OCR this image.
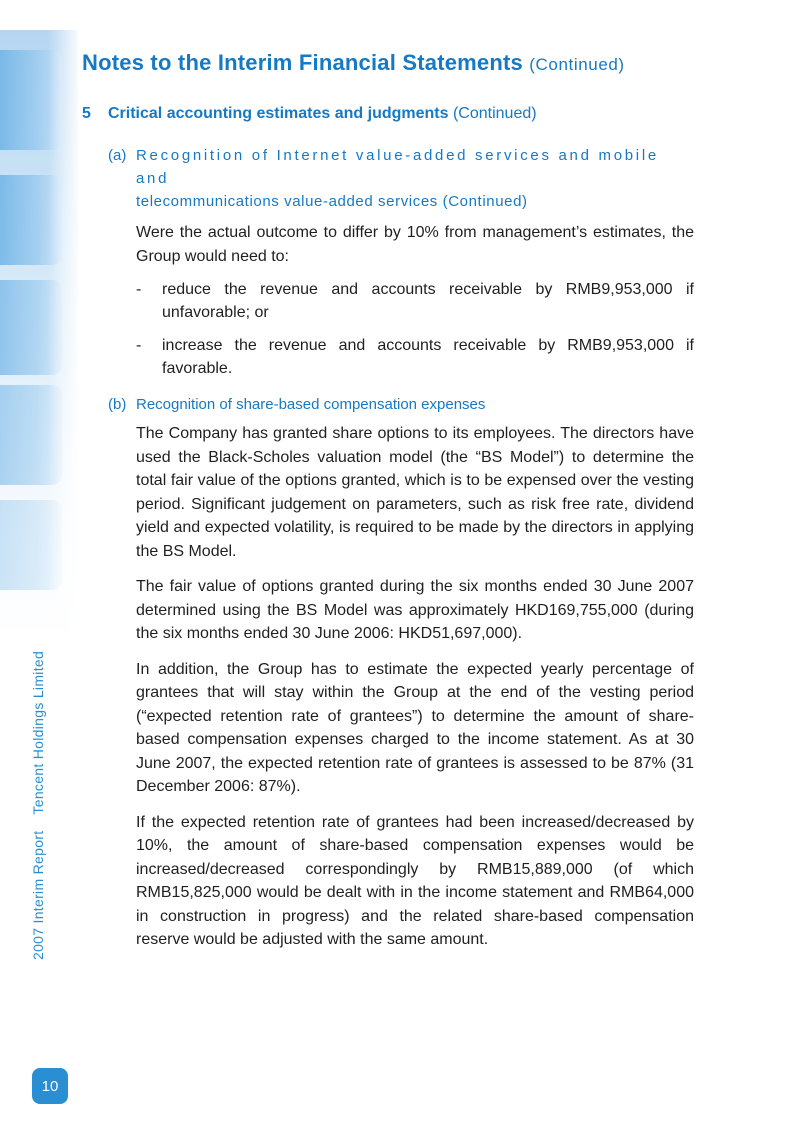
2007 Interim ReportTencent Holdings Limited
10
Notes to the Interim Financial Statements (Continued)
5 Critical accounting estimates and judgments (Continued)
(a) Recognition of Internet value-added services and mobile and
telecommunications value-added services (Continued)

Were the actual outcome to differ by 10% from management’s estimates, the Group would need to:

-	reduce the revenue and accounts receivable by RMB9,953,000 if unfavorable; or
-	increase the revenue and accounts receivable by RMB9,953,000 if favorable.
(b) Recognition of share-based compensation expenses

The Company has granted share options to its employees. The directors have used the Black-Scholes valuation model (the “BS Model”) to determine the total fair value of the options granted, which is to be expensed over the vesting period. Significant judgement on parameters, such as risk free rate, dividend yield and expected volatility, is required to be made by the directors in applying the BS Model.

The fair value of options granted during the six months ended 30 June 2007 determined using the BS Model was approximately HKD169,755,000 (during the six months ended 30 June 2006: HKD51,697,000).

In addition, the Group has to estimate the expected yearly percentage of grantees that will stay within the Group at the end of the vesting period (“expected retention rate of grantees”) to determine the amount of share-based compensation expenses charged to the income statement. As at 30 June 2007, the expected retention rate of grantees is assessed to be 87% (31 December 2006: 87%).

If the expected retention rate of grantees had been increased/decreased by 10%, the amount of share-based compensation expenses would be increased/decreased correspondingly by RMB15,889,000 (of which RMB15,825,000 would be dealt with in the income statement and RMB64,000 in construction in progress) and the related share-based compensation reserve would be adjusted with the same amount.
